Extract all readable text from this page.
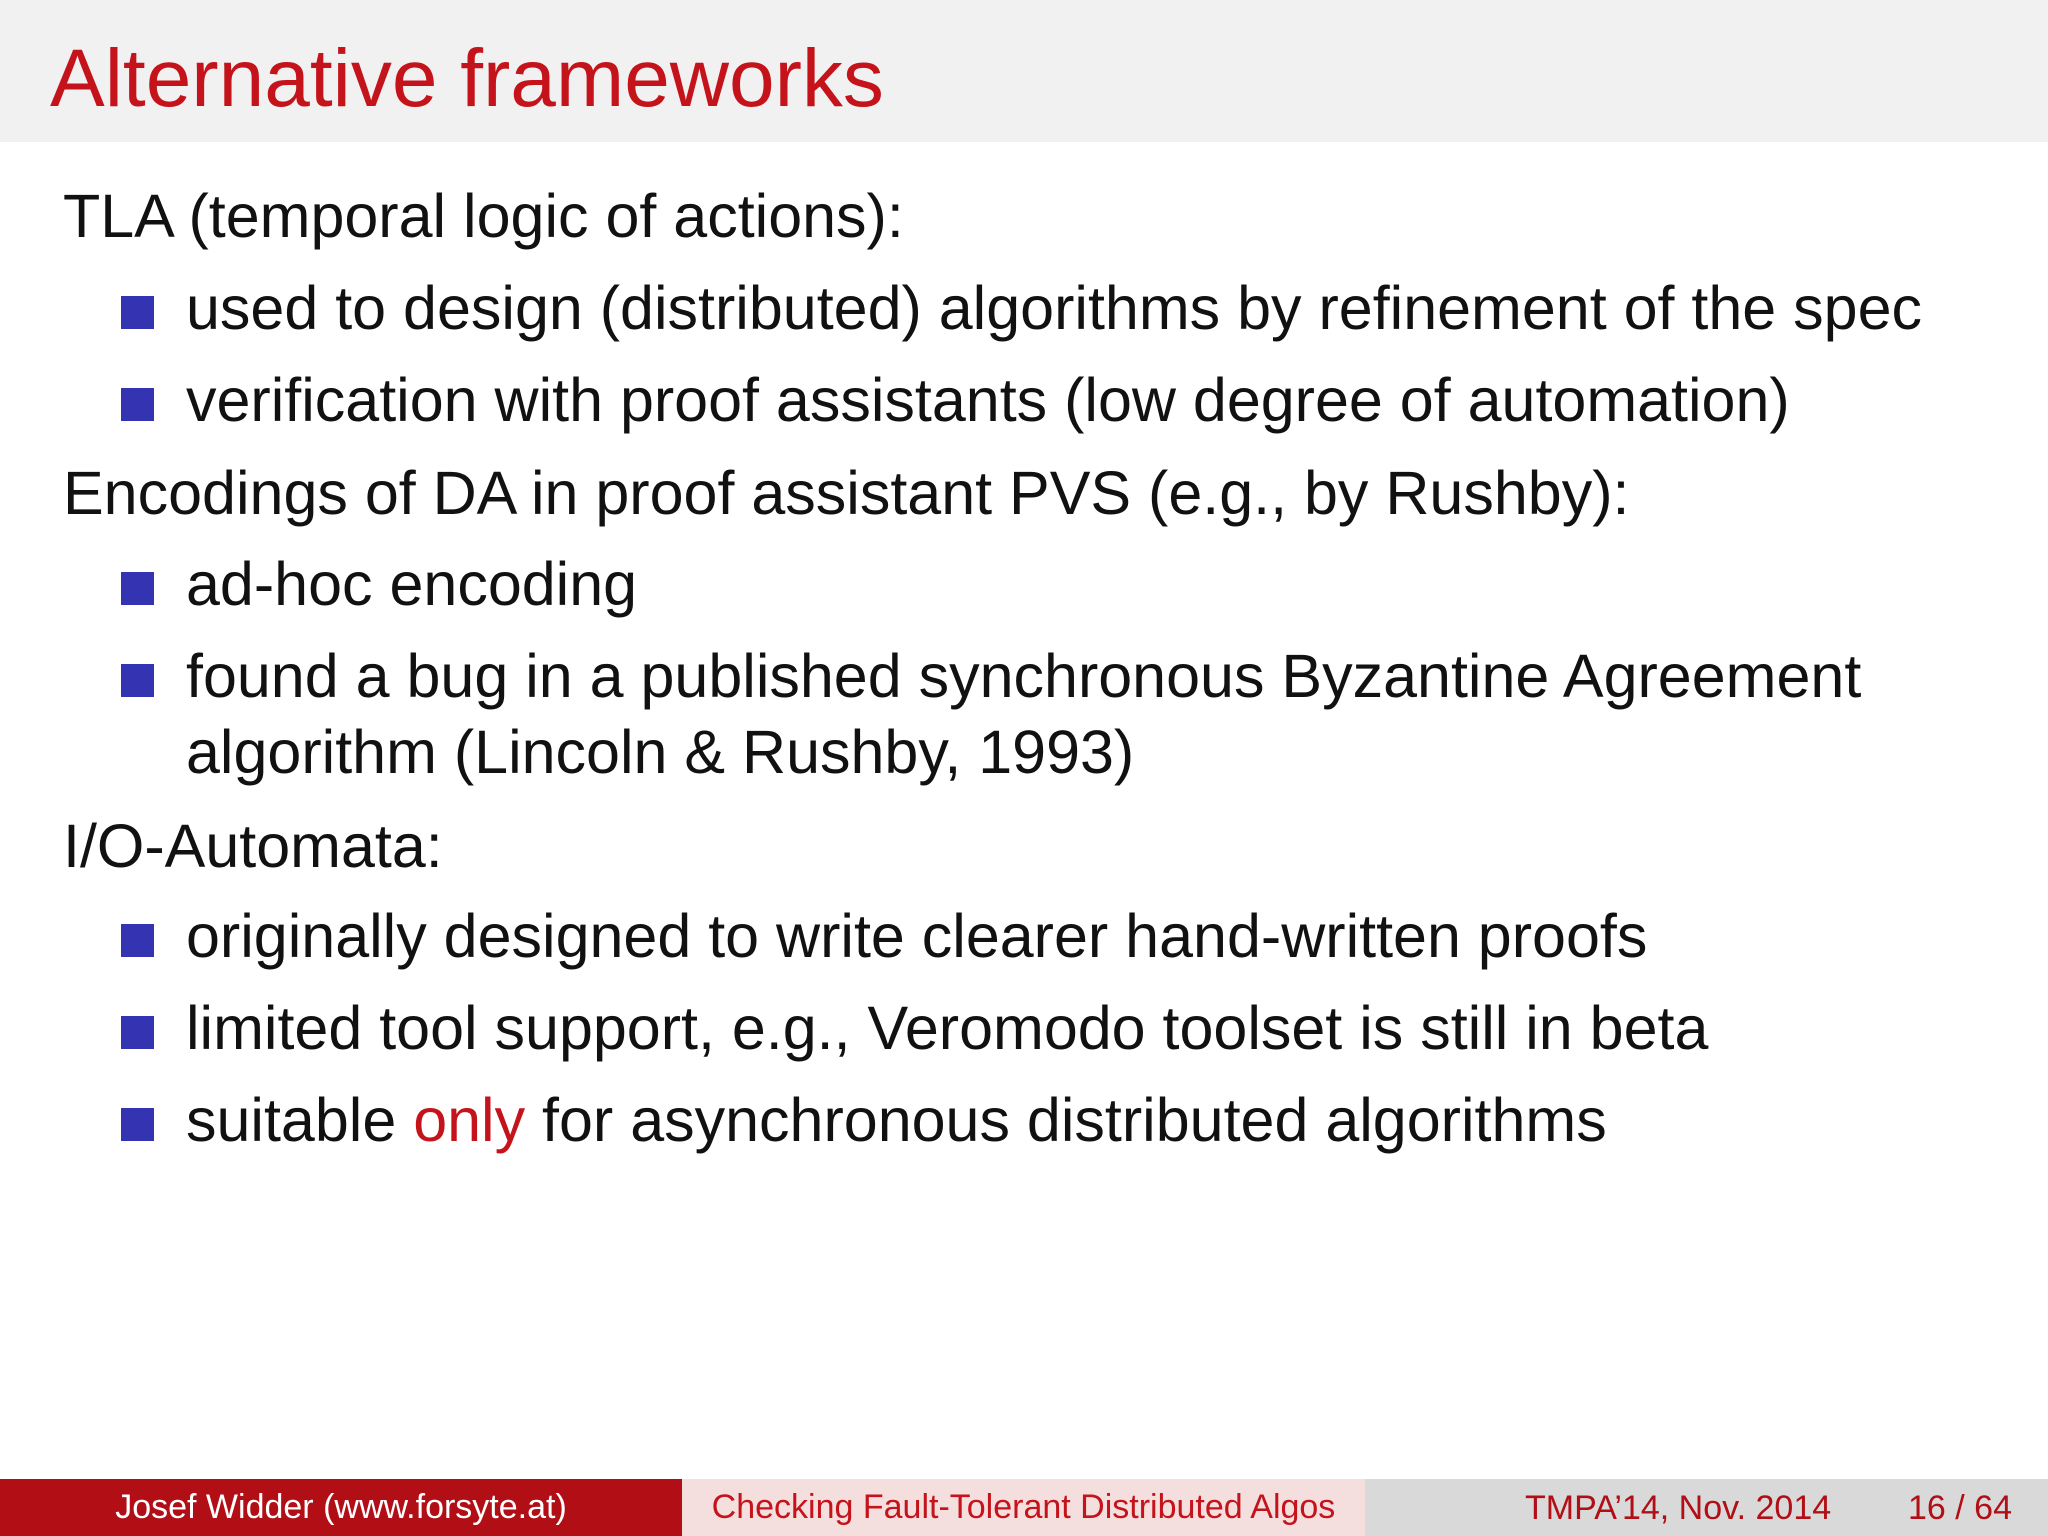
Alternative frameworks
TLA (temporal logic of actions):
used to design (distributed) algorithms by refinement of the spec
verification with proof assistants (low degree of automation)
Encodings of DA in proof assistant PVS (e.g., by Rushby):
ad-hoc encoding
found a bug in a published synchronous Byzantine Agreement
algorithm (Lincoln & Rushby, 1993)
I/O-Automata:
originally designed to write clearer hand-written proofs
limited tool support, e.g., Veromodo toolset is still in beta
suitable only for asynchronous distributed algorithms
Josef Widder (www.forsyte.at)	Checking Fault-Tolerant Distributed Algos	TMPA’14, Nov. 2014 16 / 64
